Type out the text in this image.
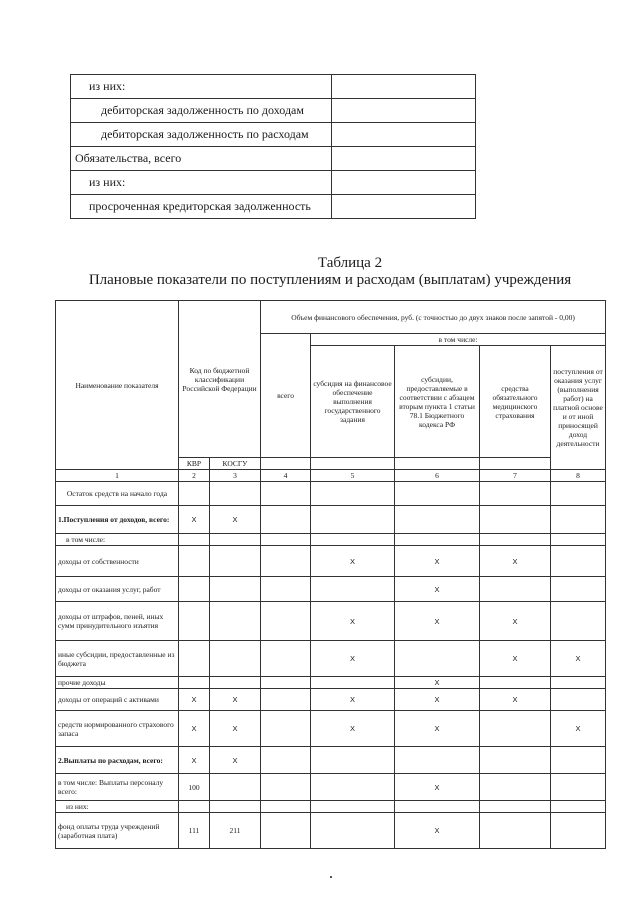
из них:	
дебиторская задолженность по доходам	
дебиторская задолженность по расходам	
Обязательства, всего	
из них:	
просроченная кредиторская задолженность	
Таблица 2
Плановые показатели по поступлениям и расходам (выплатам) учреждения
Наименование показателя	Код по бюджетной классификации Российской Федерации		Объем финансового обеспечения, руб. (с точностью до двух знаков после запятой - 0,00)				
			всего	в том числе:			
				субсидия на финансовое обеспечение выполнения государственного задания	субсидии, предоставляемые в соответствии с абзацем вторым пункта 1 статьи 78.1 Бюджетного кодекса РФ	средства обязательного медицинского страхования	поступления от оказания услуг (выполнения работ) на платной основе и от иной приносящей доход деятельности
	КВР	КОСГУ					
1	2	3	4	5	6	7	8
Остаток средств на начало года							
1.Поступления от доходов, всего:	X	X					
в том числе:							
доходы от собственности				X	X	X	
доходы от оказания услуг, работ					X		
доходы от штрафов, пеней, иных сумм принудительного изъятия				X	X	X	
иные субсидии, предоставленные из бюджета				X		X	X
прочие доходы					X		
доходы от операций с активами	X	X		X	X	X	
средств нормированного страхового запаса	X	X		X	X		X
2.Выплаты по расходам, всего:	X	X					
в том числе: Выплаты персоналу всего:	100				X		
из них:							
фонд оплаты труда учреждений (заработная плата)	111	211			X		
